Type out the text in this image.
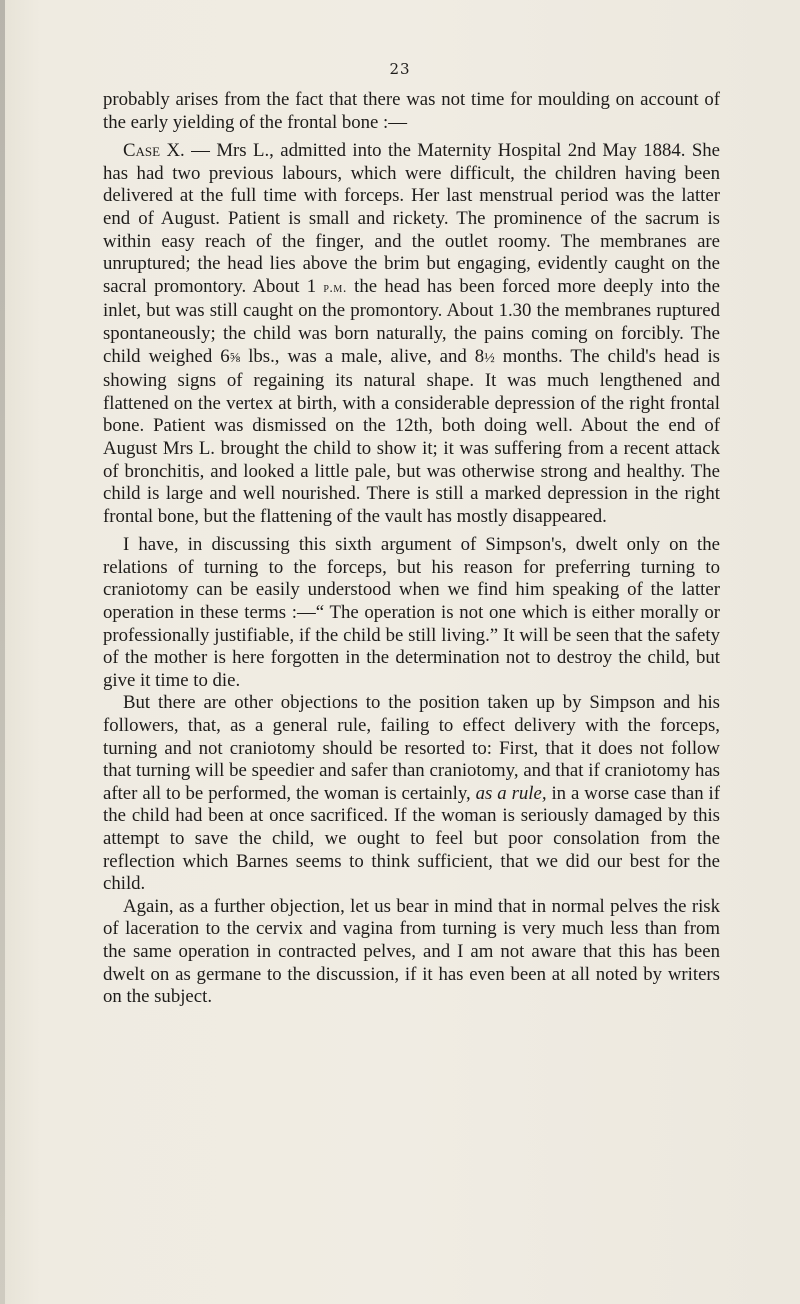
23

probably arises from the fact that there was not time for moulding on account of the early yielding of the frontal bone :—

Case X. — Mrs L., admitted into the Maternity Hospital 2nd May 1884. She has had two previous labours, which were difficult, the children having been delivered at the full time with forceps. Her last menstrual period was the latter end of August. Patient is small and rickety. The prominence of the sacrum is within easy reach of the finger, and the outlet roomy. The membranes are unruptured; the head lies above the brim but engaging, evidently caught on the sacral promontory. About 1 p.m. the head has been forced more deeply into the inlet, but was still caught on the promontory. About 1.30 the membranes ruptured spontaneously; the child was born naturally, the pains coming on forcibly. The child weighed 6⅝ lbs., was a male, alive, and 8½ months. The child's head is showing signs of regaining its natural shape. It was much lengthened and flattened on the vertex at birth, with a considerable depression of the right frontal bone. Patient was dismissed on the 12th, both doing well. About the end of August Mrs L. brought the child to show it; it was suffering from a recent attack of bronchitis, and looked a little pale, but was otherwise strong and healthy. The child is large and well nourished. There is still a marked depression in the right frontal bone, but the flattening of the vault has mostly disappeared.

I have, in discussing this sixth argument of Simpson's, dwelt only on the relations of turning to the forceps, but his reason for preferring turning to craniotomy can be easily understood when we find him speaking of the latter operation in these terms :—“ The operation is not one which is either morally or professionally justifiable, if the child be still living.” It will be seen that the safety of the mother is here forgotten in the determination not to destroy the child, but give it time to die.

But there are other objections to the position taken up by Simpson and his followers, that, as a general rule, failing to effect delivery with the forceps, turning and not craniotomy should be resorted to: First, that it does not follow that turning will be speedier and safer than craniotomy, and that if craniotomy has after all to be performed, the woman is certainly, as a rule, in a worse case than if the child had been at once sacrificed. If the woman is seriously damaged by this attempt to save the child, we ought to feel but poor consolation from the reflection which Barnes seems to think sufficient, that we did our best for the child.

Again, as a further objection, let us bear in mind that in normal pelves the risk of laceration to the cervix and vagina from turning is very much less than from the same operation in contracted pelves, and I am not aware that this has been dwelt on as germane to the discussion, if it has even been at all noted by writers on the subject.
